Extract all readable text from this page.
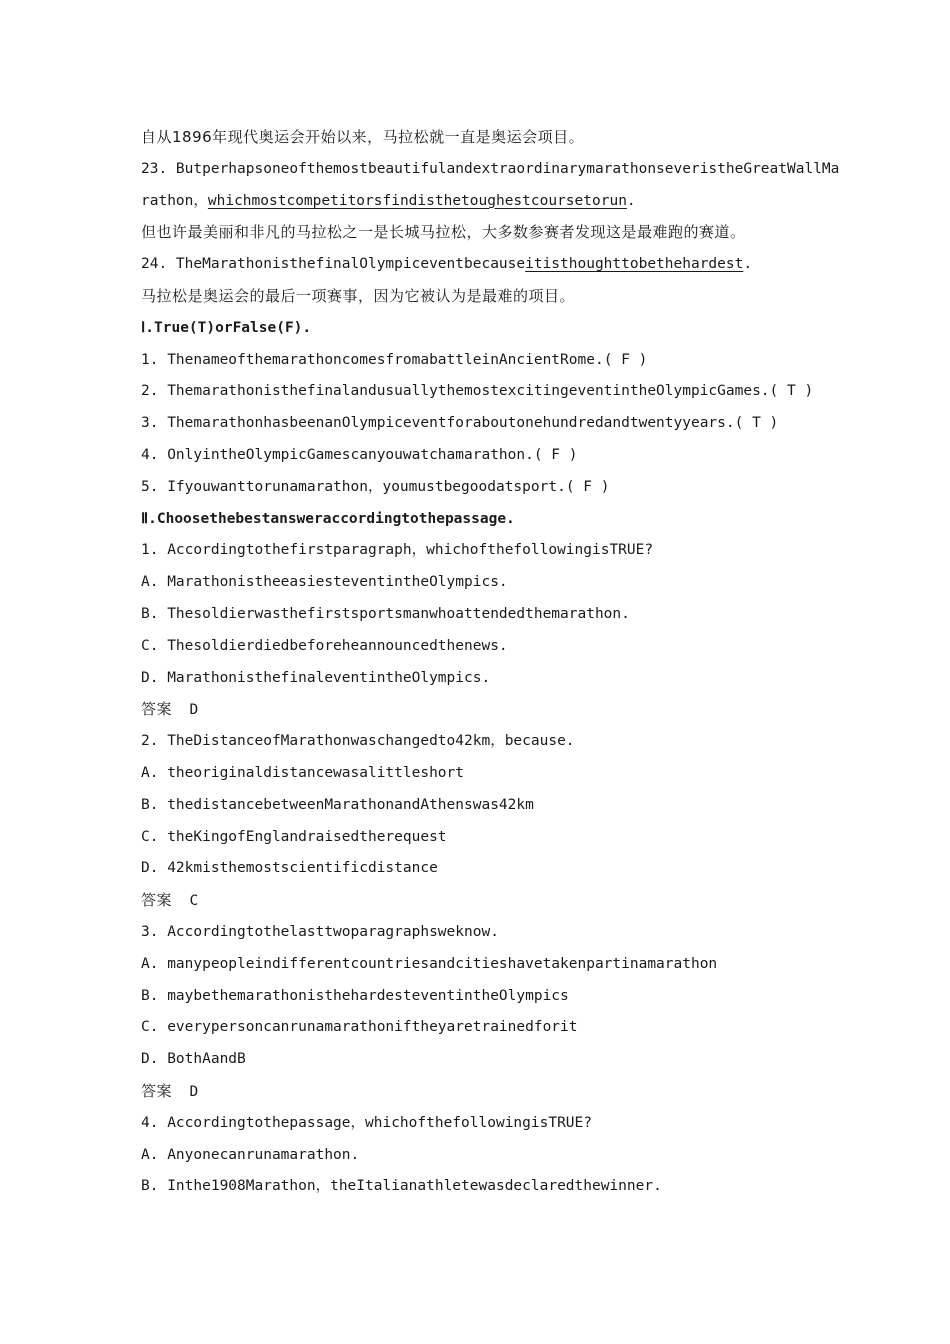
自从1896年现代奥运会开始以来，马拉松就一直是奥运会项目。
23. ButperhapsoneofthemostbeautifulandextraordinarymarathonseveristheGreatWallMa
rathon，whichmostcompetitorsfindisthetoughestcoursetorun.
但也许最美丽和非凡的马拉松之一是长城马拉松，大多数参赛者发现这是最难跑的赛道。
24. TheMarathonisthefinalOlympiceventbecauseitisthoughttobethehardest.
马拉松是奥运会的最后一项赛事，因为它被认为是最难的项目。
Ⅰ.True(T)orFalse(F).
1. ThenameofthemarathoncomesfromabattleinAncientRome.( F )
2. ThemarathonisthefinalandusuallythemostexcitingeventintheOlympicGames.( T )
3. ThemarathonhasbeenanOlympiceventforaboutonehundredandtwentyyears.( T )
4. OnlyintheOlympicGamescanyouwatchamarathon.( F )
5. Ifyouwanttorunamarathon，youmustbegoodatsport.( F )
Ⅱ.Choosethebestansweraccordingtothepassage.
1. Accordingtothefirstparagraph，whichofthefollowingisTRUE?
A. MarathonistheeasiesteventintheOlympics.
B. Thesoldierwasthefirstsportsmanwhoattendedthemarathon.
C. Thesoldierdiedbeforeheannouncedthenews.
D. MarathonisthefinaleventintheOlympics.
答案 D
2. TheDistanceofMarathonwaschangedto42km，because.
A. theoriginaldistancewasalittleshort
B. thedistancebetweenMarathonandAthenswas42km
C. theKingofEnglandraisedtherequest
D. 42kmisthemostscientificdistance
答案 C
3. Accordingtothelasttwoparagraphsweknow.
A. manypeopleindifferentcountriesandcitieshavetakenpartinamarathon
B. maybethemarathonisthehardesteventintheOlympics
C. everypersoncanrunamarathoniftheyaretrainedforit
D. BothAandB
答案 D
4. Accordingtothepassage，whichofthefollowingisTRUE?
A. Anyonecanrunamarathon.
B. Inthe1908Marathon，theItalianathletewasdeclaredthewinner.
